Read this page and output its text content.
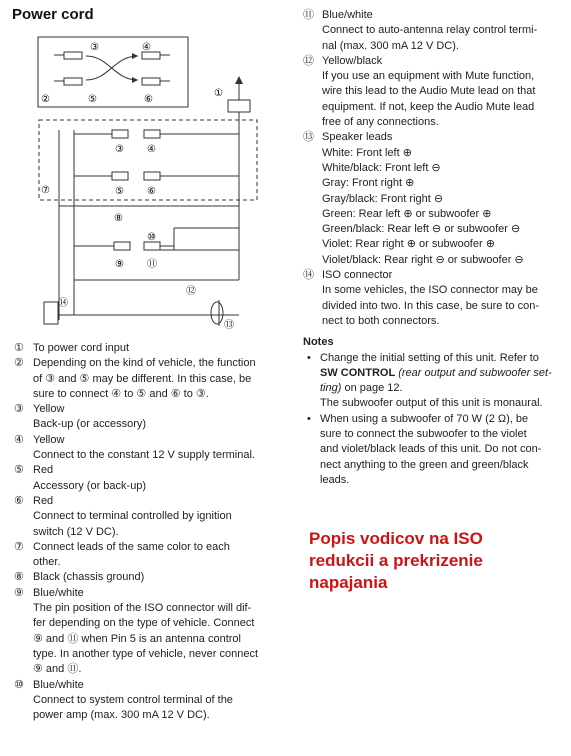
Power cord
③	④
⑤	⑥
②
①
⑦
③ ④
⑤ ⑥
⑧
⑩
⑨ ⑪
⑫
⑭
⑬
① To power cord input
② Depending on the kind of vehicle, the function
of ③ and ⑤ may be different. In this case, be
sure to connect ④ to ⑤ and ⑥ to ③.
③ Yellow
Back-up (or accessory)
④ Yellow
Connect to the constant 12 V supply terminal.
⑤ Red
Accessory (or back-up)
⑥ Red
Connect to terminal controlled by ignition
switch (12 V DC).
⑦ Connect leads of the same color to each
other.
⑧ Black (chassis ground)
⑨ Blue/white
The pin position of the ISO connector will dif-
fer depending on the type of vehicle. Connect
⑨ and ⑪ when Pin 5 is an antenna control
type. In another type of vehicle, never connect
⑨ and ⑪.
⑩ Blue/white
Connect to system control terminal of the
power amp (max. 300 mA 12 V DC).
⑪ Blue/white
Connect to auto-antenna relay control termi-
nal (max. 300 mA 12 V DC).
⑫ Yellow/black
If you use an equipment with Mute function,
wire this lead to the Audio Mute lead on that
equipment. If not, keep the Audio Mute lead
free of any connections.
⑬ Speaker leads
White: Front left ⊕
White/black: Front left ⊖
Gray: Front right ⊕
Gray/black: Front right ⊖
Green: Rear left ⊕ or subwoofer ⊕
Green/black: Rear left ⊖ or subwoofer ⊖
Violet: Rear right ⊕ or subwoofer ⊕
Violet/black: Rear right ⊖ or subwoofer ⊖
⑭ ISO connector
In some vehicles, the ISO connector may be
divided into two. In this case, be sure to con-
nect to both connectors.
Notes
• Change the initial setting of this unit. Refer to
SW CONTROL (rear output and subwoofer set-
ting) on page 12.
The subwoofer output of this unit is monaural.
• When using a subwoofer of 70 W (2 Ω), be
sure to connect the subwoofer to the violet
and violet/black leads of this unit. Do not con-
nect anything to the green and green/black
leads.
Popis vodicov na ISO
redukcii a prekrizenie
napajania
